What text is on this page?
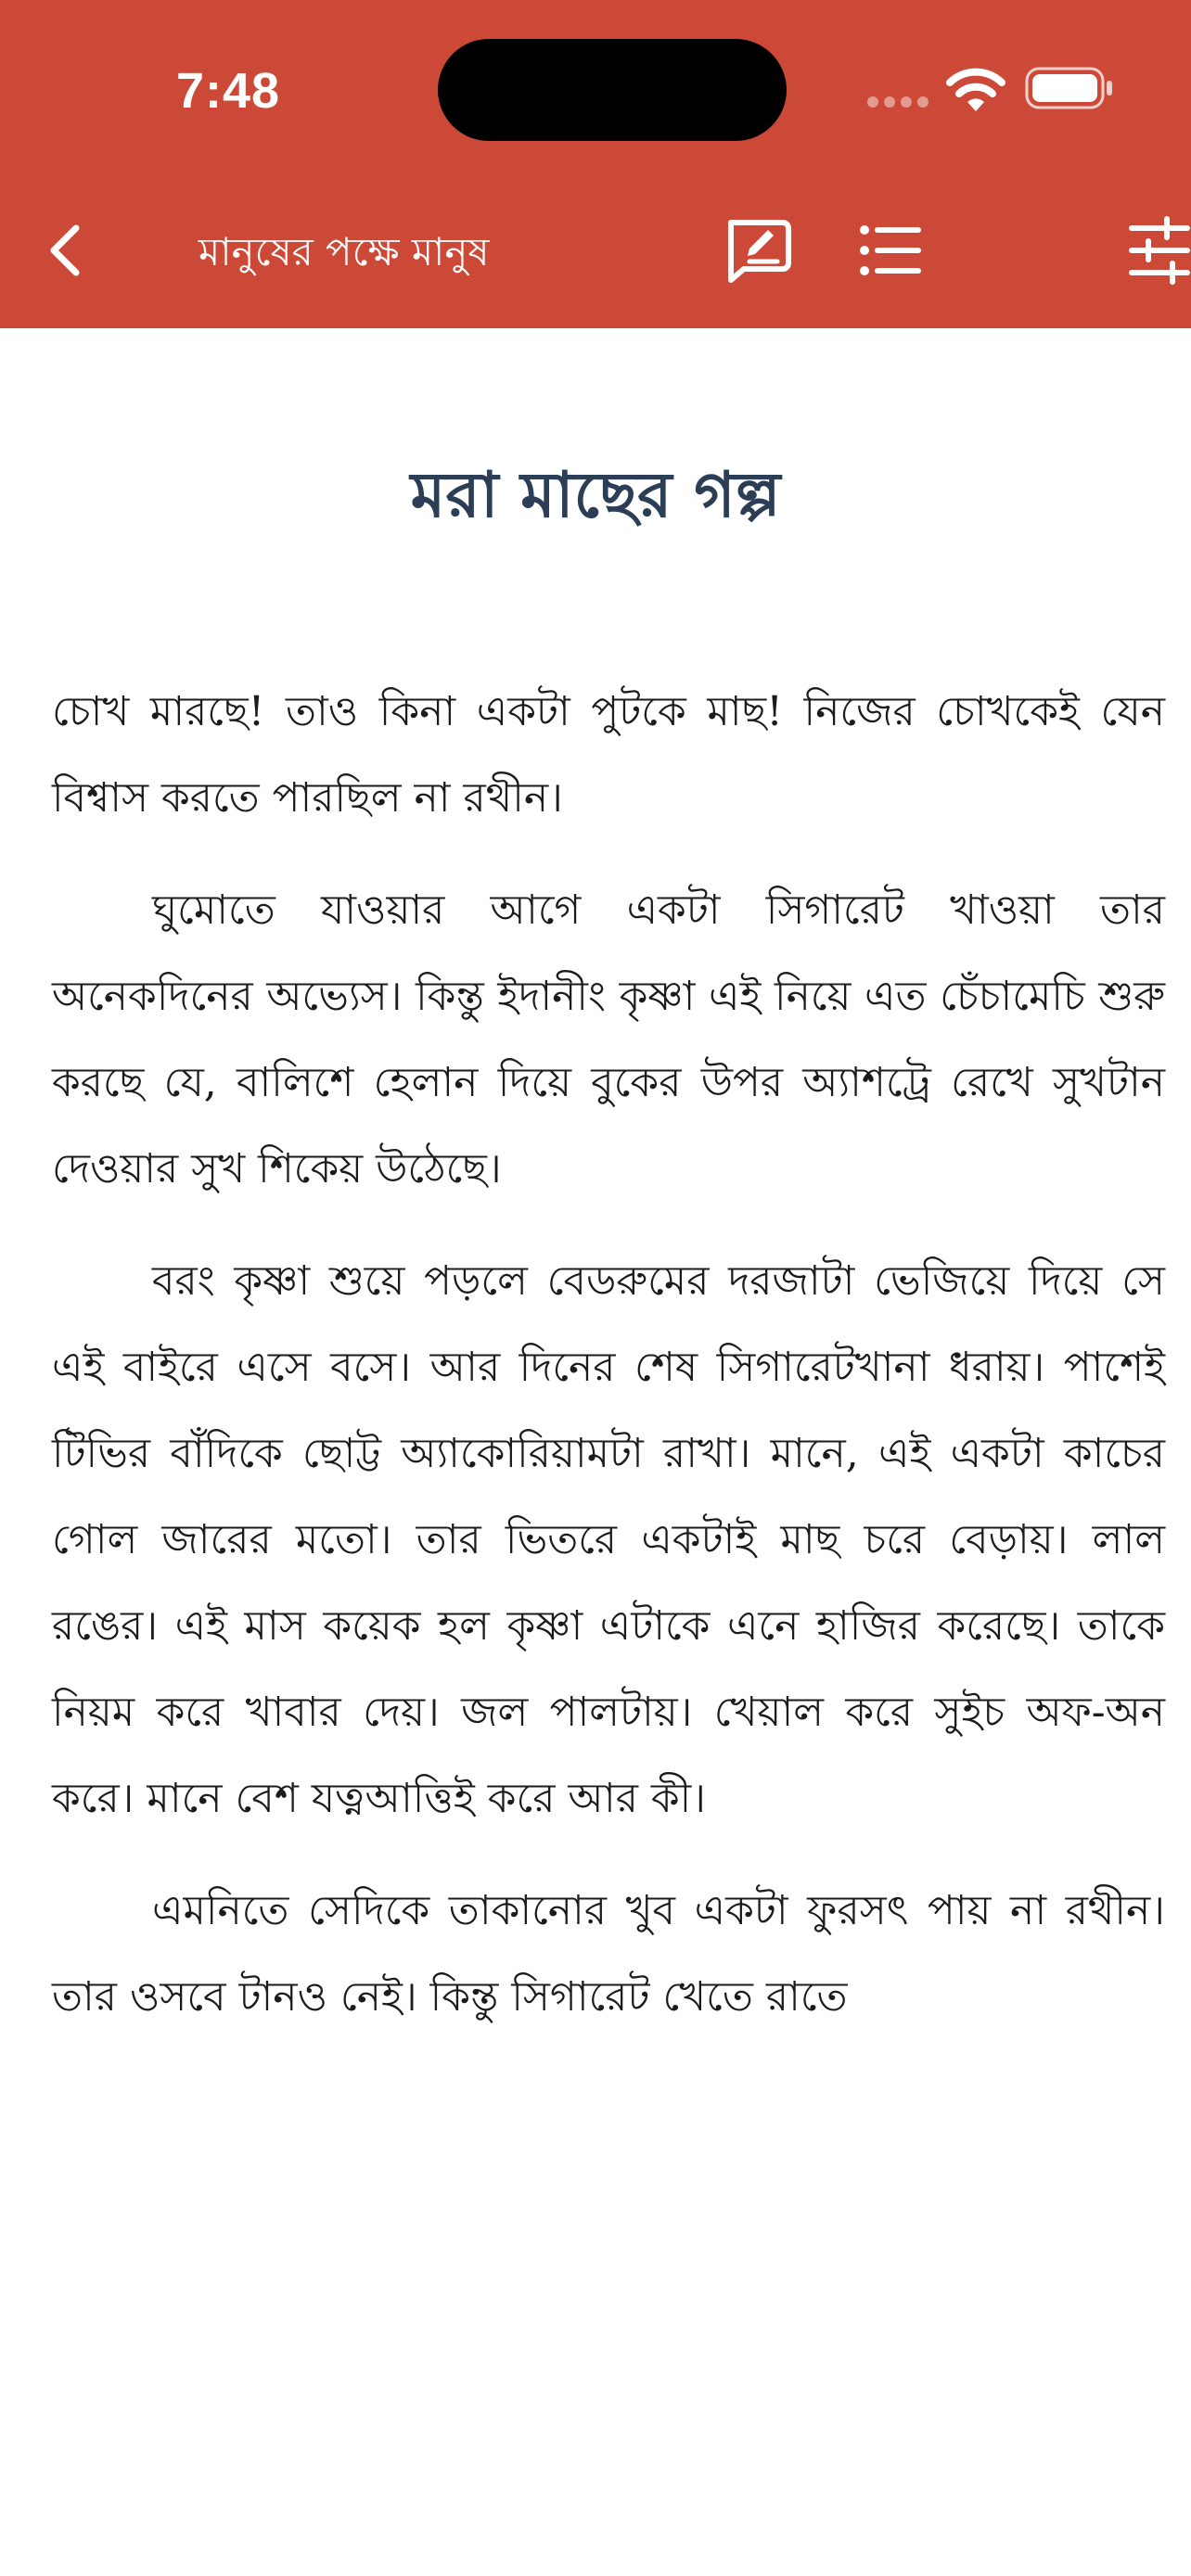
7:48
মানুষের পক্ষে মানুষ
মরা মাছের গল্প

চোখ মারছে! তাও কিনা একটা পুটকে মাছ! নিজের চোখকেই যেন বিশ্বাস করতে পারছিল না রথীন।

ঘুমোতে যাওয়ার আগে একটা সিগারেট খাওয়া তার অনেকদিনের অভ্যেস। কিন্তু ইদানীং কৃষ্ণা এই নিয়ে এত চেঁচামেচি শুরু করছে যে, বালিশে হেলান দিয়ে বুকের উপর অ্যাশট্রে রেখে সুখটান দেওয়ার সুখ শিকেয় উঠেছে।

বরং কৃষ্ণা শুয়ে পড়লে বেডরুমের দরজাটা ভেজিয়ে দিয়ে সে এই বাইরে এসে বসে। আর দিনের শেষ সিগারেটখানা ধরায়। পাশেই টিভির বাঁদিকে ছোট্ট অ্যাকোরিয়ামটা রাখা। মানে, এই একটা কাচের গোল জারের মতো। তার ভিতরে একটাই মাছ চরে বেড়ায়। লাল রঙের। এই মাস কয়েক হল কৃষ্ণা এটাকে এনে হাজির করেছে। তাকে নিয়ম করে খাবার দেয়। জল পালটায়। খেয়াল করে সুইচ অফ-অন করে। মানে বেশ যত্নআত্তিই করে আর কী।

এমনিতে সেদিকে তাকানোর খুব একটা ফুরসৎ পায় না রথীন। তার ওসবে টানও নেই। কিন্তু সিগারেট খেতে রাতে
